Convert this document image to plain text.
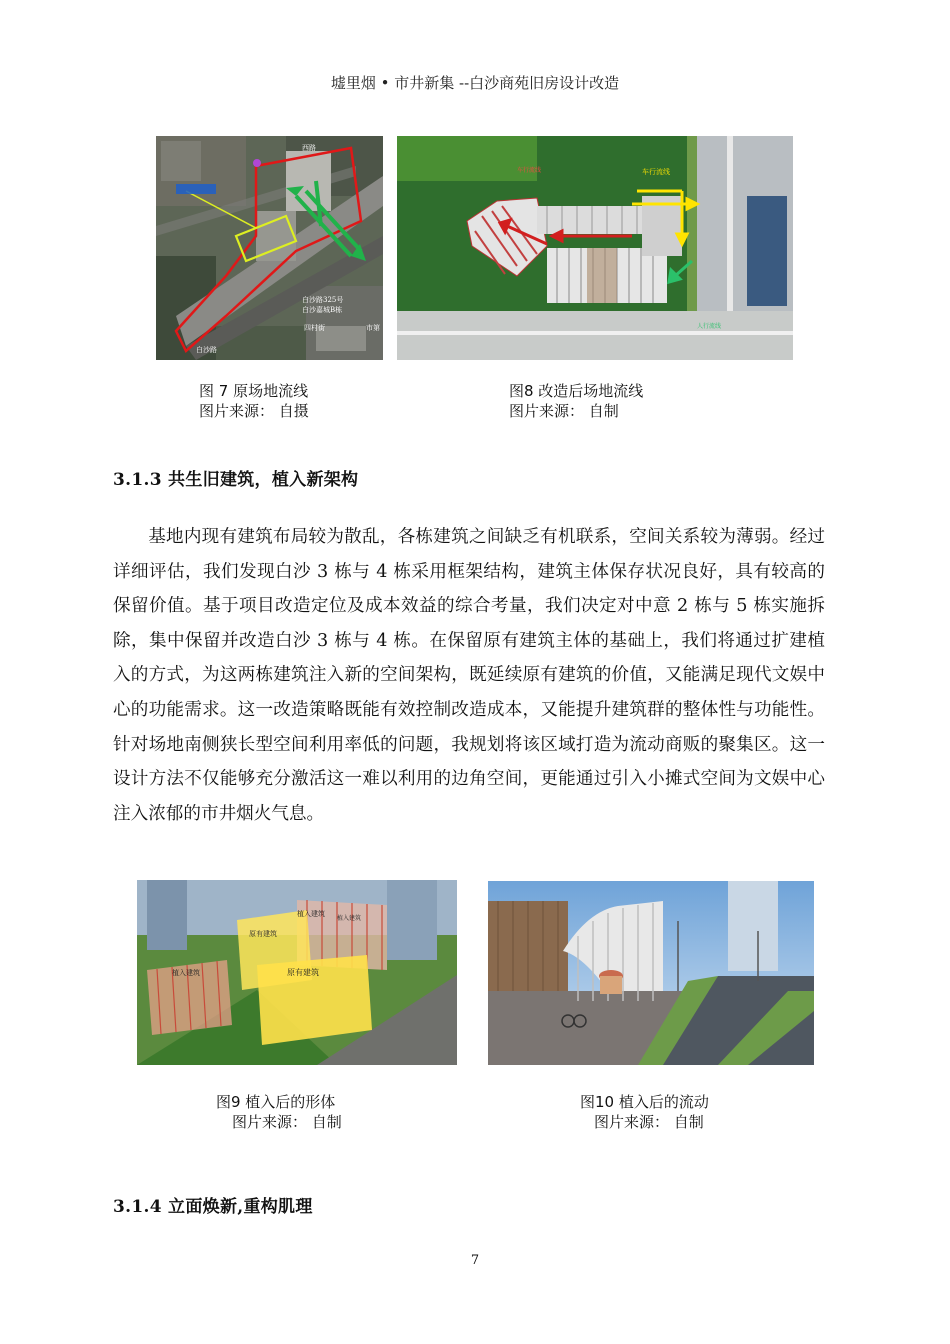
墟里烟 • 市井新集 --白沙商苑旧房设计改造
西路
白沙路325号
白沙嘉城B栋
白沙路
四村街	市第
车行流线	车行流线
人行流线
图 7 原场地流线
图片来源： 自摄
图8 改造后场地流线
图片来源： 自制
3.1.3 共生旧建筑，植入新架构

基地内现有建筑布局较为散乱，各栋建筑之间缺乏有机联系，空间关系较为薄弱。经过详细评估，我们发现白沙 3 栋与 4 栋采用框架结构，建筑主体保存状况良好，具有较高的保留价值。基于项目改造定位及成本效益的综合考量，我们决定对中意 2 栋与 5 栋实施拆除，集中保留并改造白沙 3 栋与 4 栋。在保留原有建筑主体的基础上，我们将通过扩建植入的方式，为这两栋建筑注入新的空间架构，既延续原有建筑的价值，又能满足现代文娱中心的功能需求。这一改造策略既能有效控制改造成本，又能提升建筑群的整体性与功能性。针对场地南侧狭长型空间利用率低的问题，我规划将该区域打造为流动商贩的聚集区。这一设计方法不仅能够充分激活这一难以利用的边角空间，更能通过引入小摊式空间为文娱中心注入浓郁的市井烟火气息。

植入建筑
原有建筑
植入建筑
原有建筑
植入建筑
图9 植入后的形体
图片来源： 自制
图10 植入后的流动
图片来源： 自制
3.1.4 立面焕新,重构肌理
7
